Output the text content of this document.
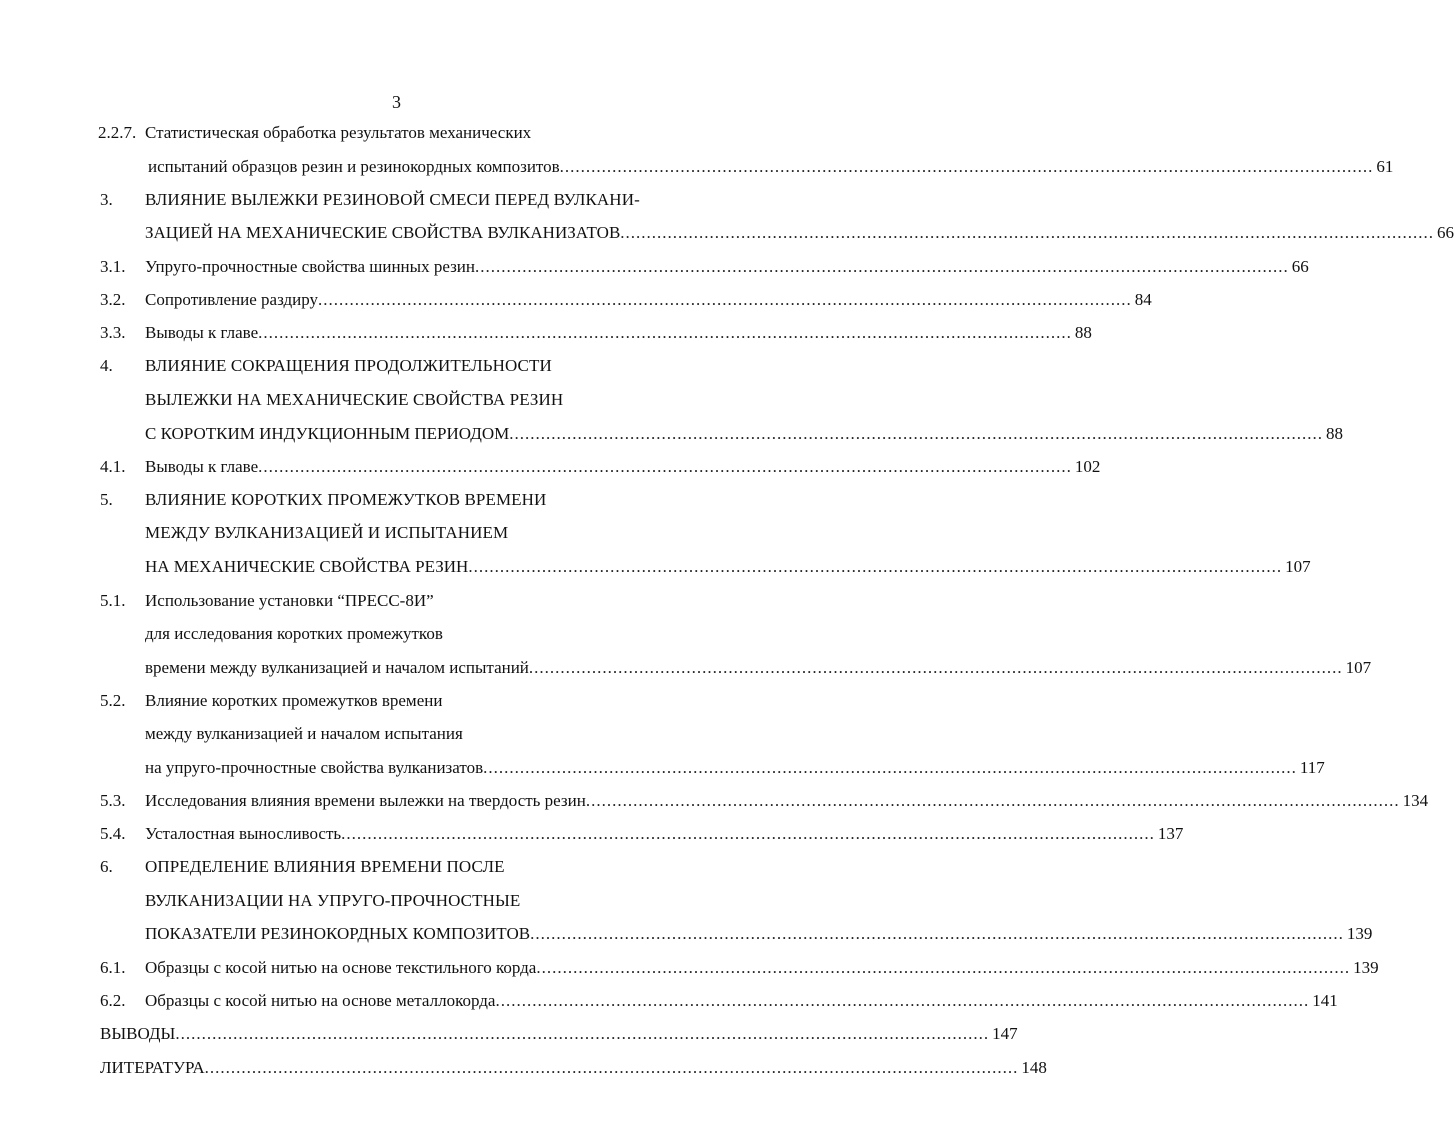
3
2.2.7. Статистическая обработка результатов механических
испытаний образцов резин и резинокордных композитов ........................................................................................................................................................... 61
3. ВЛИЯНИЕ ВЫЛЕЖКИ РЕЗИНОВОЙ СМЕСИ ПЕРЕД ВУЛКАНИ-
ЗАЦИЕЙ НА МЕХАНИЧЕСКИЕ СВОЙСТВА ВУЛКАНИЗАТОВ ........................................................................................................................................................... 66
3.1. Упруго-прочностные свойства шинных резин ........................................................................................................................................................... 66
3.2. Сопротивление раздиру ........................................................................................................................................................... 84
3.3. Выводы к главе ........................................................................................................................................................... 88
4. ВЛИЯНИЕ СОКРАЩЕНИЯ ПРОДОЛЖИТЕЛЬНОСТИ
ВЫЛЕЖКИ НА МЕХАНИЧЕСКИЕ СВОЙСТВА РЕЗИН
С КОРОТКИМ ИНДУКЦИОННЫМ ПЕРИОДОМ ........................................................................................................................................................... 88
4.1. Выводы к главе ........................................................................................................................................................... 102
5. ВЛИЯНИЕ КОРОТКИХ ПРОМЕЖУТКОВ ВРЕМЕНИ
МЕЖДУ ВУЛКАНИЗАЦИЕЙ И ИСПЫТАНИЕМ
НА МЕХАНИЧЕСКИЕ СВОЙСТВА РЕЗИН ........................................................................................................................................................... 107
5.1. Использование установки “ПРЕСС-8И”
для исследования коротких промежутков
времени между вулканизацией и началом испытаний ........................................................................................................................................................... 107
5.2. Влияние коротких промежутков времени
между вулканизацией и началом испытания
на упруго-прочностные свойства вулканизатов ........................................................................................................................................................... 117
5.3. Исследования влияния времени вылежки на твердость резин ........................................................................................................................................................... 134
5.4. Усталостная выносливость ........................................................................................................................................................... 137
6. ОПРЕДЕЛЕНИЕ ВЛИЯНИЯ ВРЕМЕНИ ПОСЛЕ
ВУЛКАНИЗАЦИИ НА УПРУГО-ПРОЧНОСТНЫЕ
ПОКАЗАТЕЛИ РЕЗИНОКОРДНЫХ КОМПОЗИТОВ ........................................................................................................................................................... 139
6.1. Образцы с косой нитью на основе текстильного корда ........................................................................................................................................................... 139
6.2. Образцы с косой нитью на основе металлокорда ........................................................................................................................................................... 141
ВЫВОДЫ ........................................................................................................................................................... 147
ЛИТЕРАТУРА ........................................................................................................................................................... 148
